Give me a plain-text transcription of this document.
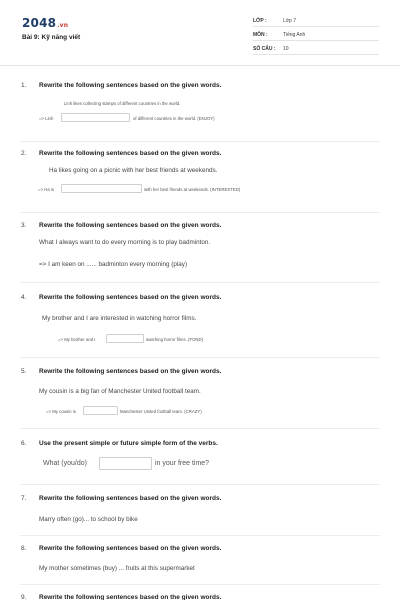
2048.vn
Bài 9: Kỹ năng viết
LỚP :	Lớp 7
MÔN :	Tiếng Anh
SỐ CÂU : 10
1. Rewrite the following sentences based on the given words.
Linh likes collecting stamps of different countries in the world.
=> Linh	of different countries in the world. (ENJOY)
2. Rewrite the following sentences based on the given words.
Ha likes going on a picnic with her best friends at weekends.
=> Ha is	with her best friends at weekends. (INTERESTED)
3. Rewrite the following sentences based on the given words.
What I always want to do every morning is to play badminton.
=> I am keen on ...... badminton every morning (play)
4. Rewrite the following sentences based on the given words.
My brother and I are interested in watching horror films.
=> My brother and I	watching horror films. (FOND)
5. Rewrite the following sentences based on the given words.
My cousin is a big fan of Manchester United football team.
=> My cousin is	Manchester United football team. (CRAZY)
6. Use the present simple or future simple form of the verbs.
What (you/do)	in your free time?
7. Rewrite the following sentences based on the given words.
Marry often (go)... to school by bike
8. Rewrite the following sentences based on the given words.
My mother sometimes (buy) ... fruits at this supermarket
9. Rewrite the following sentences based on the given words.
